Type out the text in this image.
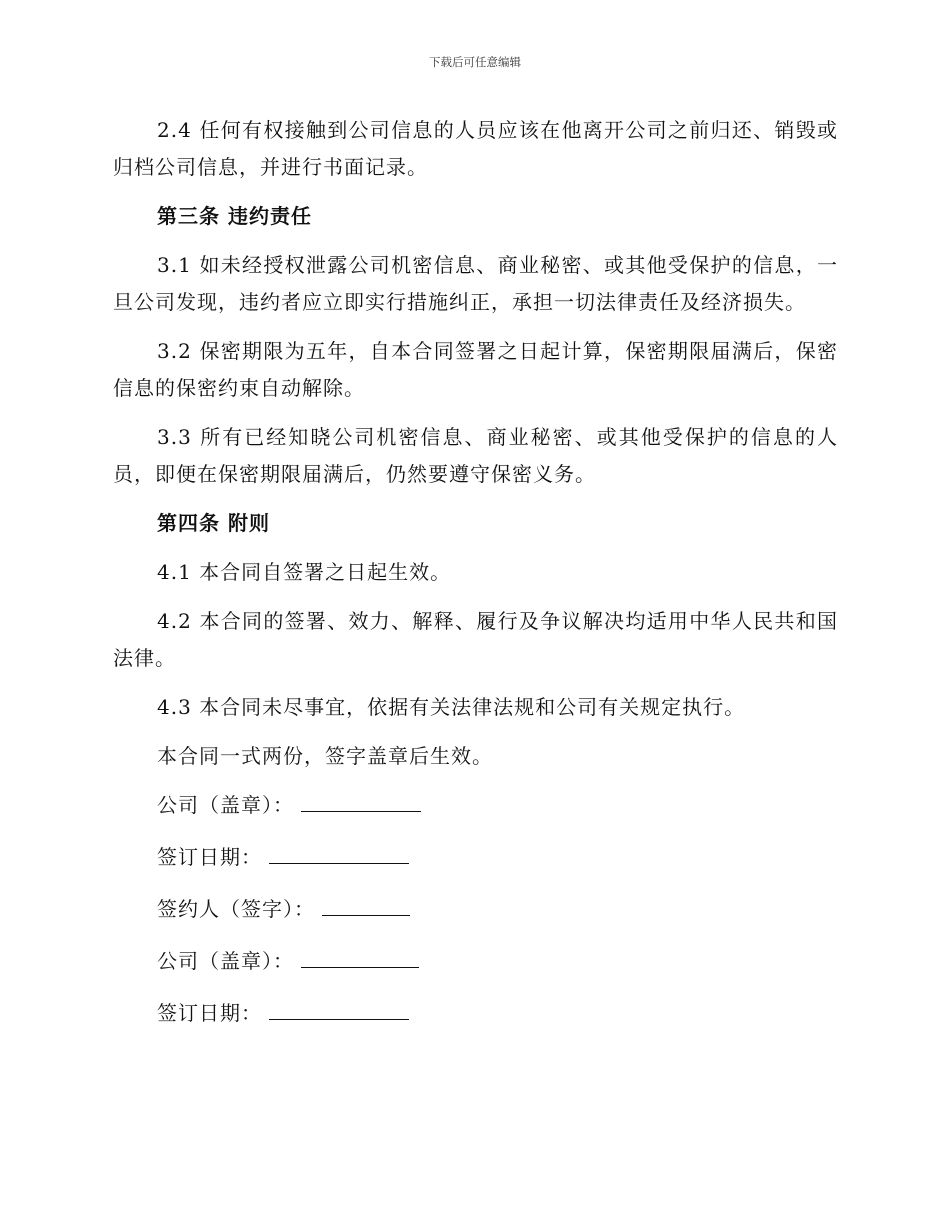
下载后可任意编辑

2.4 任何有权接触到公司信息的人员应该在他离开公司之前归还、销毁或归档公司信息，并进行书面记录。

第三条 违约责任

3.1 如未经授权泄露公司机密信息、商业秘密、或其他受保护的信息，一旦公司发现，违约者应立即实行措施纠正，承担一切法律责任及经济损失。

3.2 保密期限为五年，自本合同签署之日起计算，保密期限届满后，保密信息的保密约束自动解除。

3.3 所有已经知晓公司机密信息、商业秘密、或其他受保护的信息的人员，即便在保密期限届满后，仍然要遵守保密义务。

第四条 附则

4.1 本合同自签署之日起生效。

4.2 本合同的签署、效力、解释、履行及争议解决均适用中华人民共和国法律。

4.3 本合同未尽事宜，依据有关法律法规和公司有关规定执行。

本合同一式两份，签字盖章后生效。

公司（盖章）：
签订日期：
签约人（签字）：
公司（盖章）：
签订日期：
